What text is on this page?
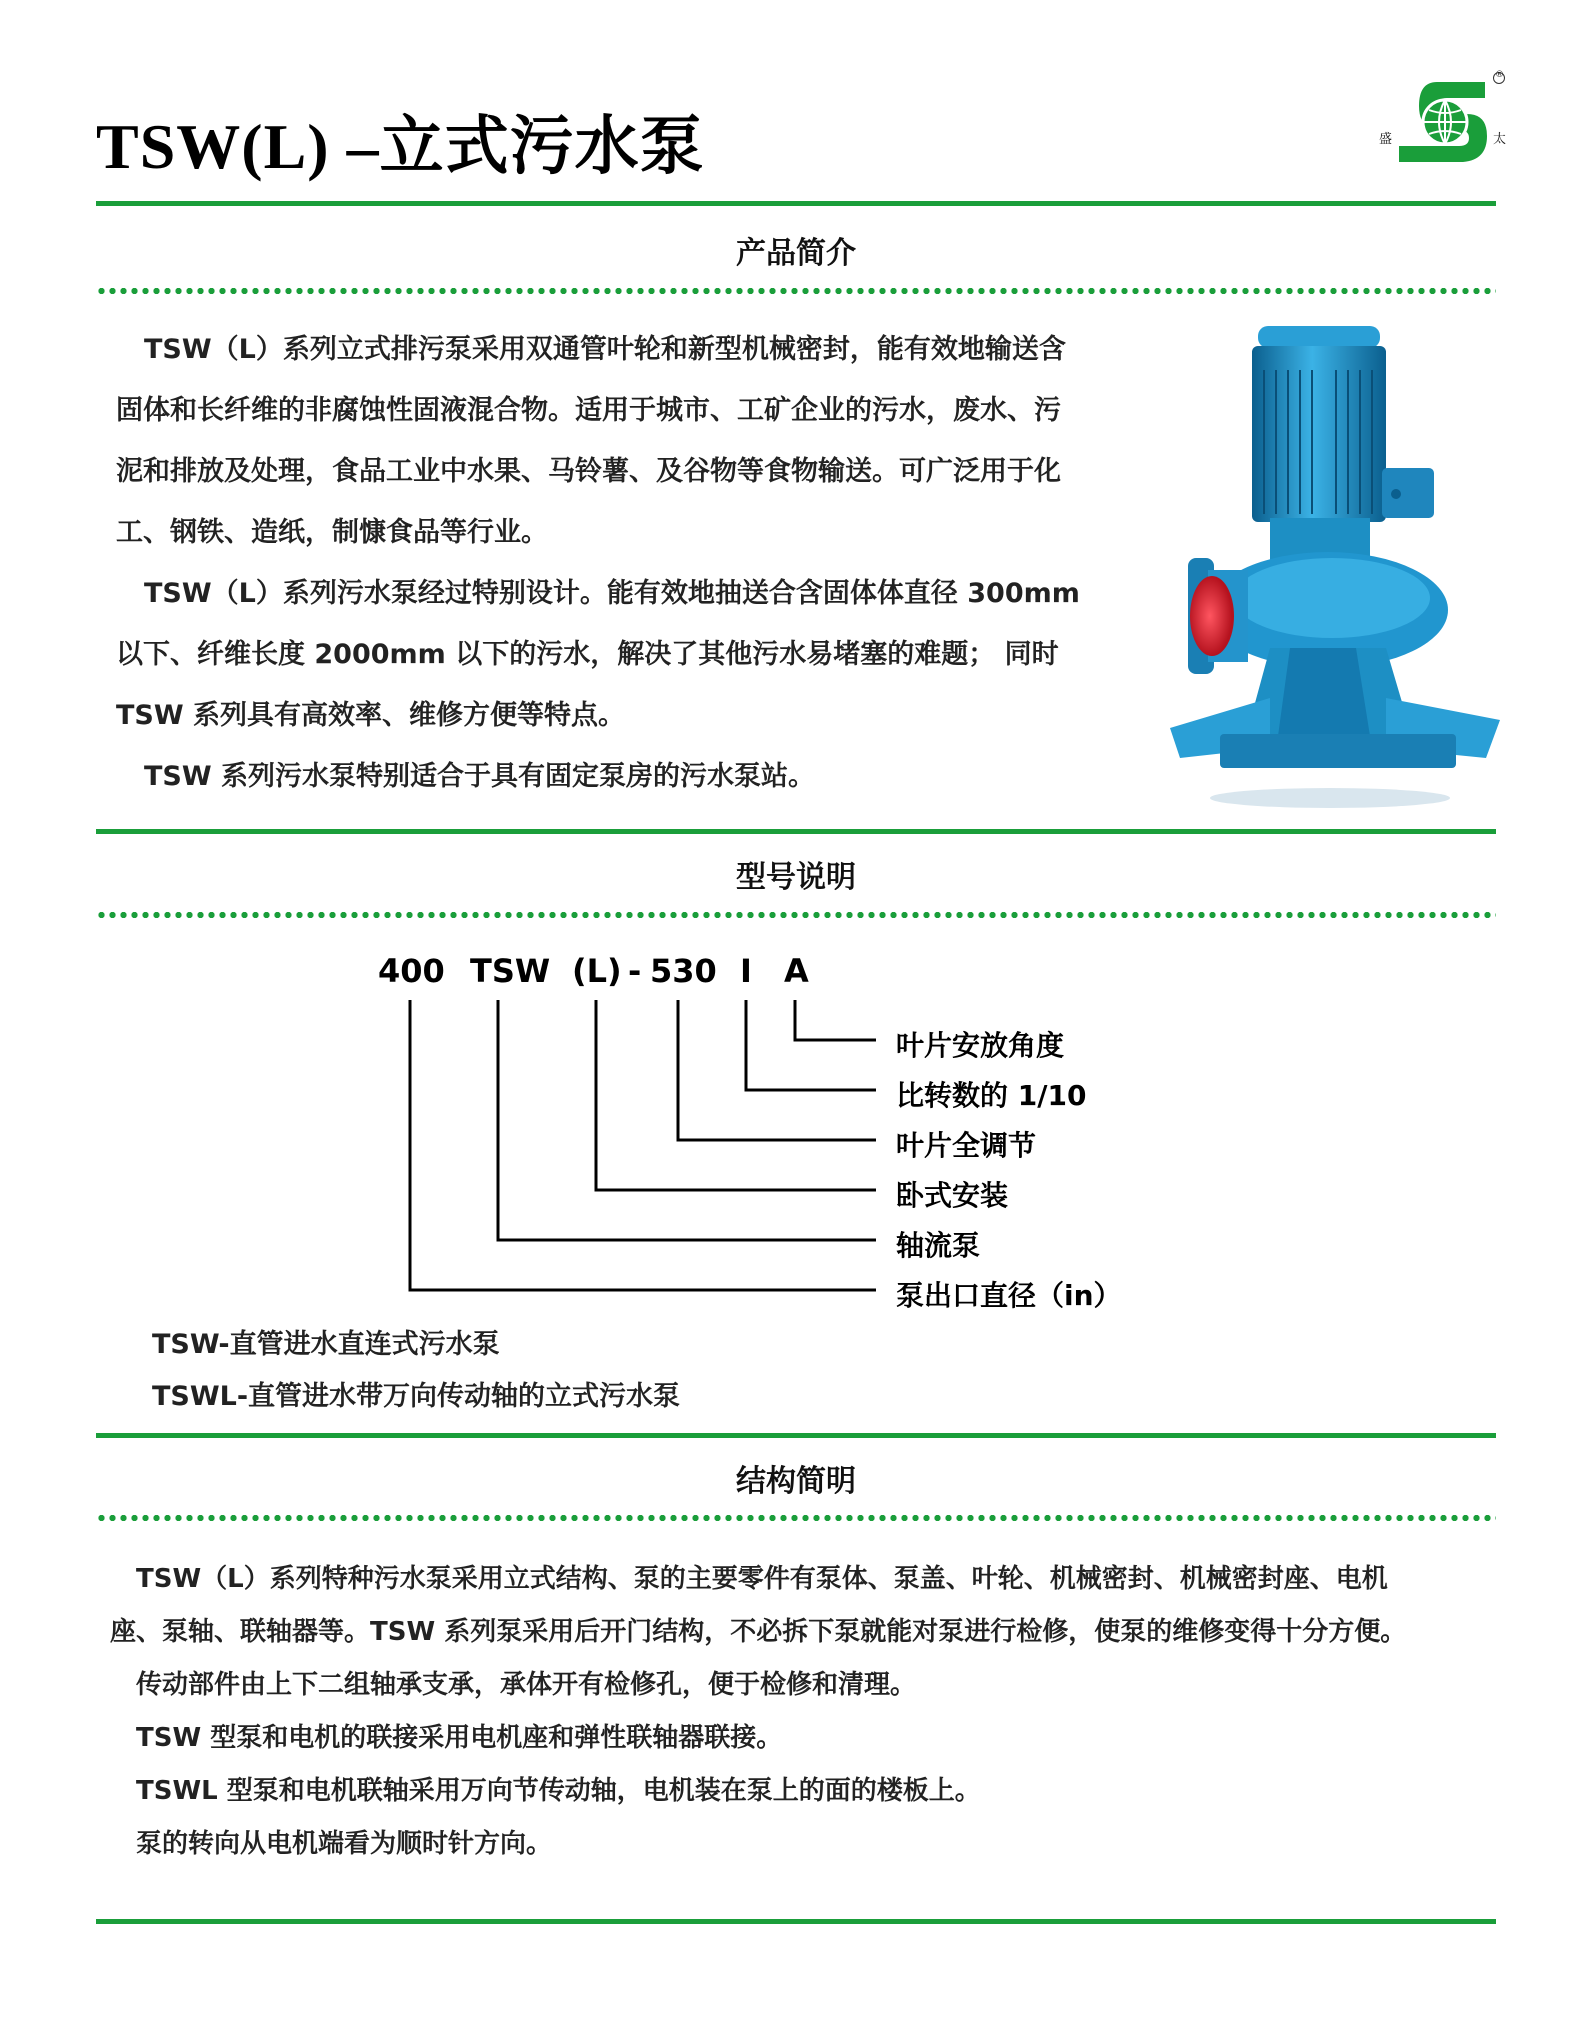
TSW(L) –立式污水泵	盛	太
®
产品简介
TSW（L）系列立式排污泵采用双通管叶轮和新型机械密封，能有效地输送含
固体和长纤维的非腐蚀性固液混合物。适用于城市、工矿企业的污水，废水、污
泥和排放及处理，食品工业中水果、马铃薯、及谷物等食物输送。可广泛用于化
工、钢铁、造纸，制慷食品等行业。
TSW（L）系列污水泵经过特别设计。能有效地抽送合含固体体直径 300mm
以下、纤维长度 2000mm 以下的污水，解决了其他污水易堵塞的难题； 同时
TSW 系列具有高效率、维修方便等特点。
TSW 系列污水泵特别适合于具有固定泵房的污水泵站。
型号说明
400 TSW (L) - 530 I A
叶片安放角度
比转数的 1/10
叶片全调节
卧式安装
轴流泵
泵出口直径（in）
TSW-直管进水直连式污水泵
TSWL-直管进水带万向传动轴的立式污水泵
结构简明
TSW（L）系列特种污水泵采用立式结构、泵的主要零件有泵体、泵盖、叶轮、机械密封、机械密封座、电机
座、泵轴、联轴器等。TSW 系列泵采用后开门结构，不必拆下泵就能对泵进行检修，使泵的维修变得十分方便。
传动部件由上下二组轴承支承，承体开有检修孔，便于检修和清理。
TSW 型泵和电机的联接采用电机座和弹性联轴器联接。
TSWL 型泵和电机联轴采用万向节传动轴，电机装在泵上的面的楼板上。
泵的转向从电机端看为顺时针方向。
